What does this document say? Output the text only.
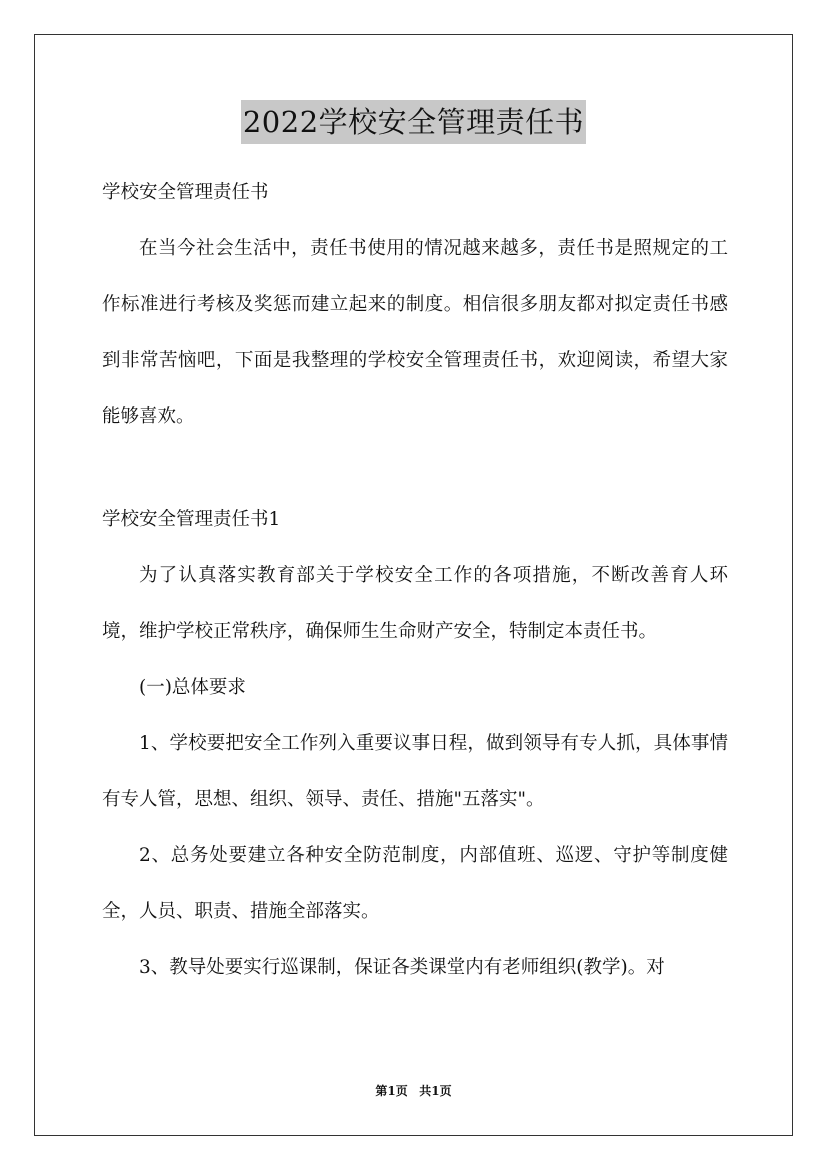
2022学校安全管理责任书

学校安全管理责任书

在当今社会生活中，责任书使用的情况越来越多，责任书是照规定的工作标准进行考核及奖惩而建立起来的制度。相信很多朋友都对拟定责任书感到非常苦恼吧，下面是我整理的学校安全管理责任书，欢迎阅读，希望大家能够喜欢。

学校安全管理责任书1

为了认真落实教育部关于学校安全工作的各项措施，不断改善育人环境，维护学校正常秩序，确保师生生命财产安全，特制定本责任书。

(一)总体要求

1、学校要把安全工作列入重要议事日程，做到领导有专人抓，具体事情有专人管，思想、组织、领导、责任、措施"五落实"。

2、总务处要建立各种安全防范制度，内部值班、巡逻、守护等制度健全，人员、职责、措施全部落实。

3、教导处要实行巡课制，保证各类课堂内有老师组织(教学)。对

第1页 共1页
